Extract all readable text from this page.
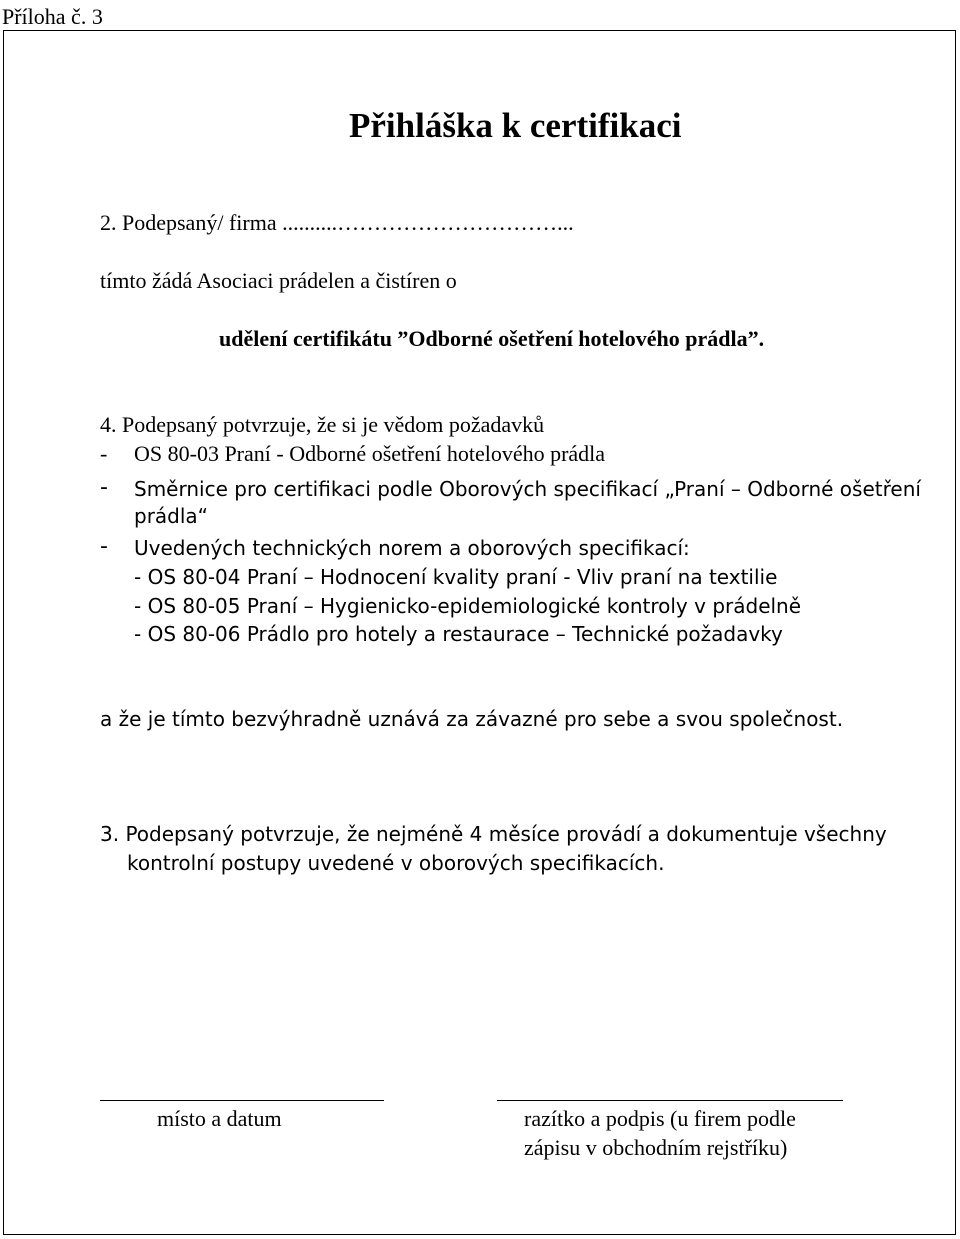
Příloha č. 3
Přihláška k certifikaci
2. Podepsaný/ firma ..........…………………………...
tímto žádá Asociaci prádelen a čistíren o
udělení certifikátu ”Odborné ošetření hotelového prádla”.
4. Podepsaný potvrzuje, že si je vědom požadavků
- OS 80-03 Praní - Odborné ošetření hotelového prádla
- Směrnice pro certifikaci podle Oborových specifikací „Praní – Odborné ošetření
prádla“
- Uvedených technických norem a oborových specifikací:
- OS 80-04 Praní – Hodnocení kvality praní - Vliv praní na textilie
- OS 80-05 Praní – Hygienicko-epidemiologické kontroly v prádelně
- OS 80-06 Prádlo pro hotely a restaurace – Technické požadavky
a že je tímto bezvýhradně uznává za závazné pro sebe a svou společnost.
3. Podepsaný potvrzuje, že nejméně 4 měsíce provádí a dokumentuje všechny
kontrolní postupy uvedené v oborových specifikacích.
místo a datum	razítko a podpis (u firem podle
zápisu v obchodním rejstříku)
